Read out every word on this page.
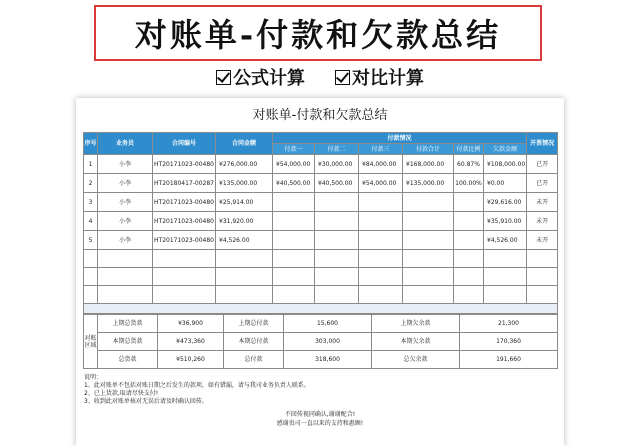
对账单-付款和欠款总结
公式计算	对比计算
对账单-付款和欠款总结
序号	业务员	合同编号	合同金额	付款情况						开票情况
				付款一	付款二	付款三	付款合计	付款比例	欠款金额	
1	小李	HT20171023-00480	¥276,000.00	¥54,000.00	¥30,000.00	¥84,000.00	¥168,000.00	60.87%	¥108,000.00	已开
2	小李	HT20180417-00287	¥135,000.00	¥40,500.00	¥40,500.00	¥54,000.00	¥135,000.00	100.00%	¥0.00	已开
3	小李	HT20171023-00480	¥25,914.00						¥29,616.00	未开
4	小李	HT20171023-00480	¥31,920.00						¥35,910.00	未开
5	小李	HT20171023-00480	¥4,526.00						¥4,526.00	未开

对账区域	上期总货款	¥36,900	上期总付款	15,600	上期欠余款	21,300
	本期总货款	¥473,360	本期总付款	303,000	本期欠余款	170,360
	总货款	¥510,260	总付款	318,600	总欠余款	191,660
说明：
1、此对账单不包括对账日期之后发生的款项，如有错漏，请与我司业务负责人联系。
2、已上货款,取请尽快支付!
3、收到此对账单核对无误后请及时确认回传。
不回传视同确认,谢谢配合!
感谢贵司一直以来的支持和惠顾!
